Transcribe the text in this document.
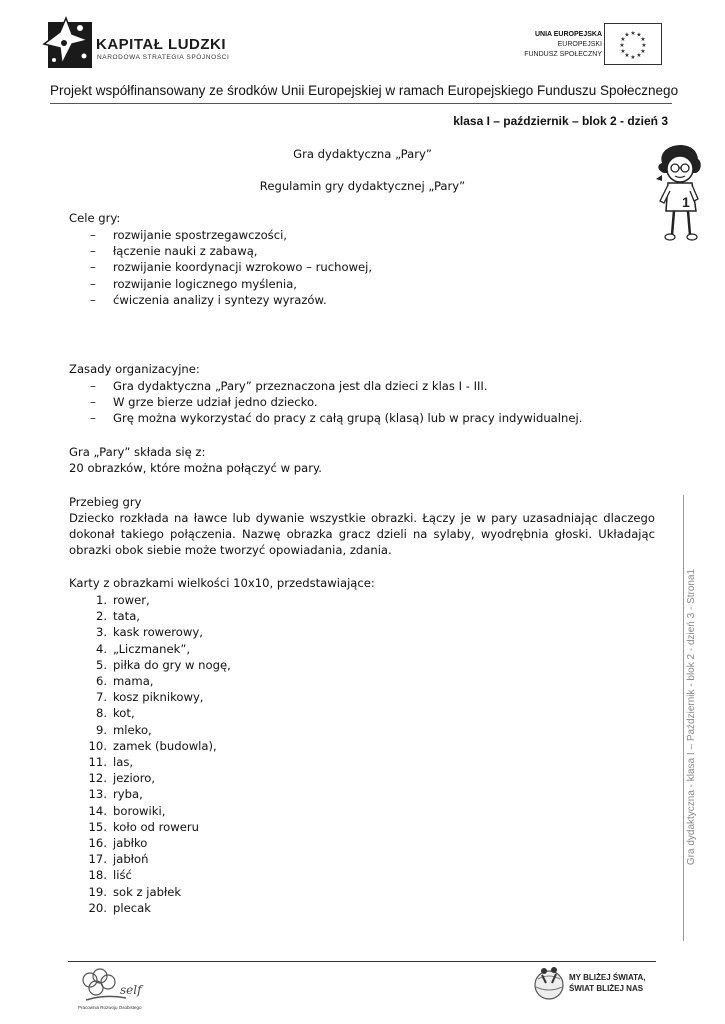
KAPITAŁ LUDZKI
NARODOWA STRATEGIA SPÓJNOŚCI
UNIA EUROPEJSKA
EUROPEJSKI
FUNDUSZ SPOŁECZNY
★ ★
★
★
★
★
★
★
★
★
★
★
Projekt współfinansowany ze środków Unii Europejskiej w ramach Europejskiego Funduszu Społecznego
klasa I – październik – blok 2 - dzień 3
1
Gra dydaktyczna „Pary”
Regulamin gry dydaktycznej „Pary”
Cele gry:
– rozwijanie spostrzegawczości,
– łączenie nauki z zabawą,
– rozwijanie koordynacji wzrokowo – ruchowej,
– rozwijanie logicznego myślenia,
– ćwiczenia analizy i syntezy wyrazów.
Zasady organizacyjne:
– Gra dydaktyczna „Pary” przeznaczona jest dla dzieci z klas I - III.
– W grze bierze udział jedno dziecko.
– Grę można wykorzystać do pracy z całą grupą (klasą) lub w pracy indywidualnej.
Gra „Pary” składa się z:
20 obrazków, które można połączyć w pary.
Przebieg gry
Dziecko rozkłada na ławce lub dywanie wszystkie obrazki. Łączy je w pary uzasadniając dlaczego dokonał takiego połączenia. Nazwę obrazka gracz dzieli na sylaby, wyodrębnia głoski. Układając obrazki obok siebie może tworzyć opowiadania, zdania.
Karty z obrazkami wielkości 10x10, przedstawiające:
1. rower,
2. tata,
3. kask rowerowy,
4. „Liczmanek”,
5. piłka do gry w nogę,
6. mama,
7. kosz piknikowy,
8. kot,
9. mleko,
10. zamek (budowla),
11. las,
12. jezioro,
13. ryba,
14. borowiki,
15. koło od roweru
16. jabłko
17. jabłoń
18. liść
19. sok z jabłek
20. plecak
Gra dydaktyczna - klasa I – Październik - blok 2 - dzień 3 - Strona1
self
Pracownia Rozwoju Osobistego
MY BLIŻEJ ŚWIATA,
ŚWIAT BLIŻEJ NAS
